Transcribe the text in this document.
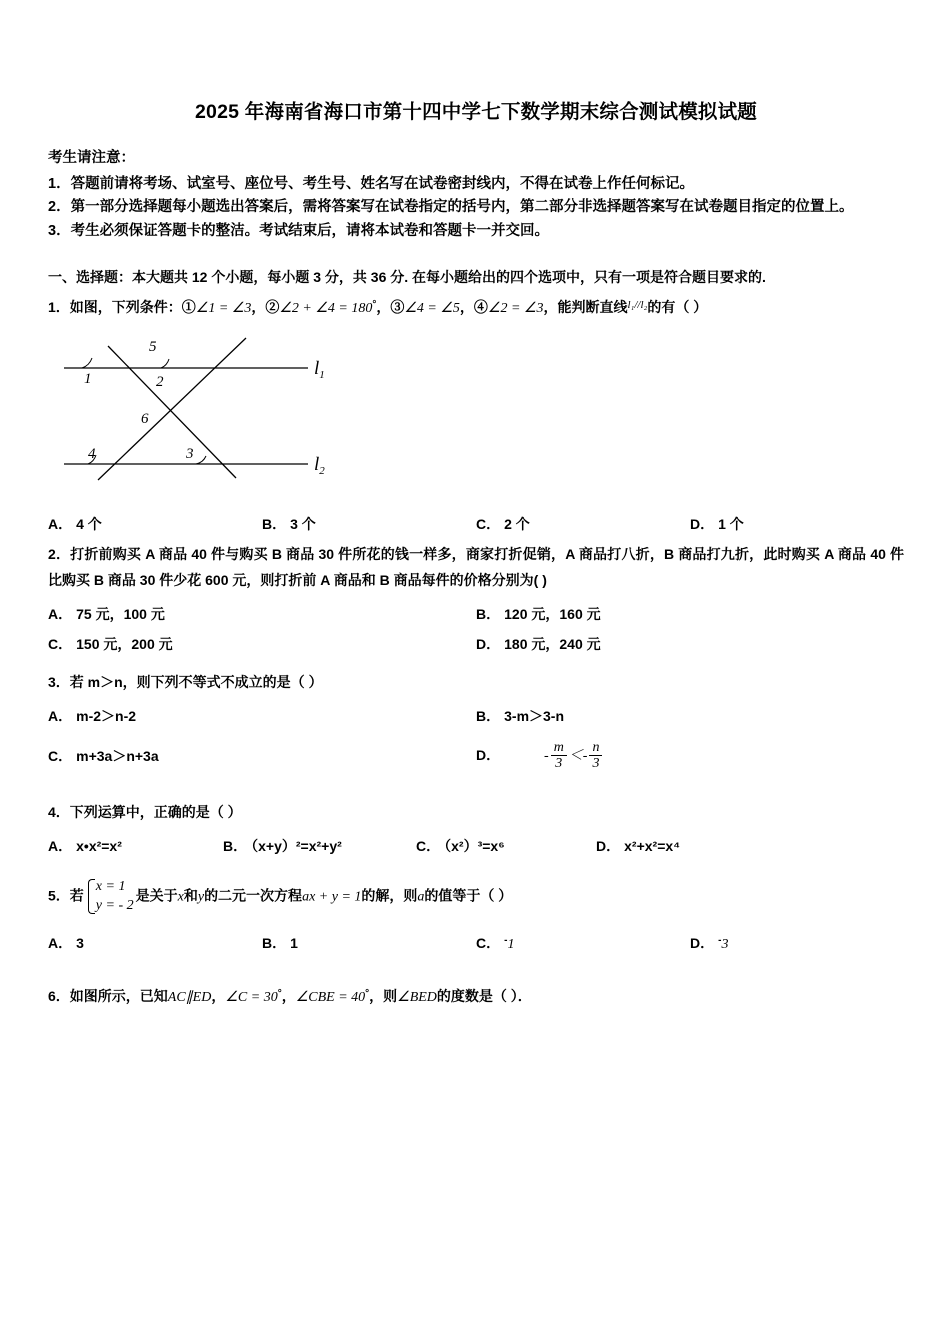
2025 年海南省海口市第十四中学七下数学期末综合测试模拟试题

考生请注意：

1．答题前请将考场、试室号、座位号、考生号、姓名写在试卷密封线内，不得在试卷上作任何标记。

2．第一部分选择题每小题选出答案后，需将答案写在试卷指定的括号内，第二部分非选择题答案写在试卷题目指定的位置上。

3．考生必须保证答题卡的整洁。考试结束后，请将本试卷和答题卡一并交回。

一、选择题：本大题共 12 个小题，每小题 3 分，共 36 分. 在每小题给出的四个选项中，只有一项是符合题目要求的.

1．如图，下列条件：①∠1 = ∠3，②∠2 + ∠4 = 180°，③∠4 = ∠5，④∠2 = ∠3，能判断直线$^{l_1//l_2}$的有（ ）

5
1	2
6
4	3
$l_1$
$l_2$
A． 4 个	B． 3 个	C． 2 个	D． 1 个

2．打折前购买 A 商品 40 件与购买 B 商品 30 件所花的钱一样多，商家打折促销，A 商品打八折，B 商品打九折，此时购买 A 商品 40 件比购买 B 商品 30 件少花 600 元，则打折前 A 商品和 B 商品每件的价格分别为( )

A． 75 元，100 元	B． 120 元，160 元
C． 150 元，200 元	D． 180 元，240 元

3．若 m＞n，则下列不等式不成立的是（ ）

A． m-2＞n-2	B． 3-m＞3-n
C． m+3a＞n+3a	D．	- $\frac{m}{3} <- \frac{n}{3}$

4．下列运算中，正确的是（ ）

A． x•x²=x²	B． （x+y）²=x²+y²	C． （x²）³=x⁶	D． x²+x²=x⁴

5．若
x = 1
y = - 2
是关于x和y的二元一次方程ax + y = 1的解，则a的值等于（ ）

A． 3	B． 1	C． -1	D． -3

6．如图所示，已知AC∥ED，∠C = 30°，∠CBE = 40°，则∠BED的度数是（ ）．
